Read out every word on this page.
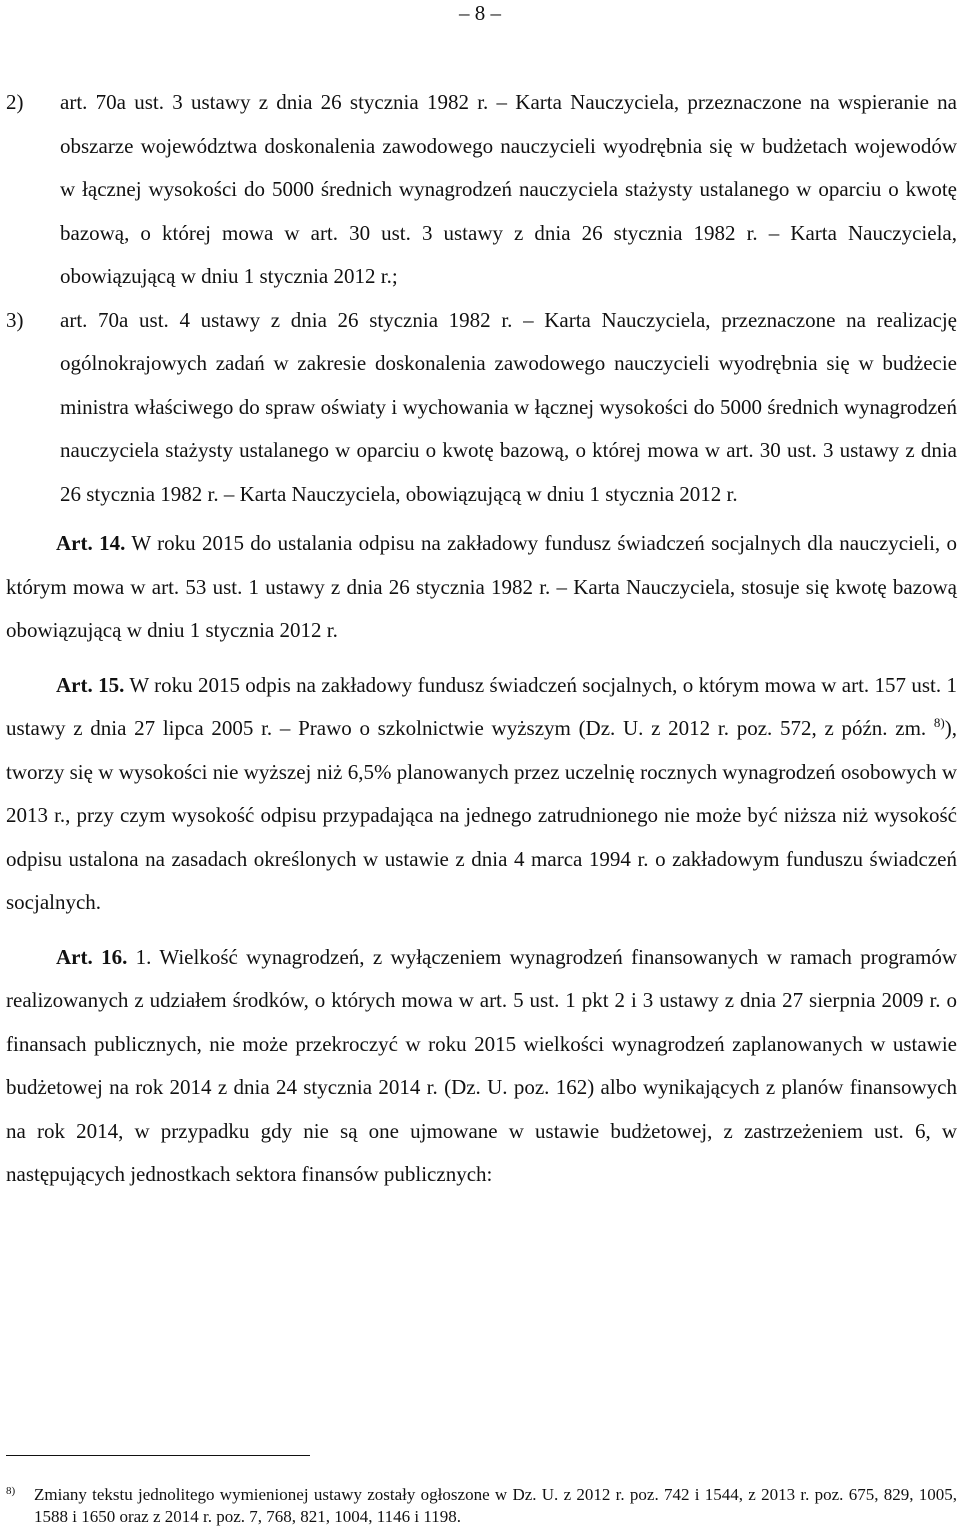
– 8 –
2)	art. 70a ust. 3 ustawy z dnia 26 stycznia 1982 r. – Karta Nauczyciela, przeznaczone na wspieranie na obszarze województwa doskonalenia zawodowego nauczycieli wyodrębnia się w budżetach wojewodów w łącznej wysokości do 5000 średnich wynagrodzeń nauczyciela stażysty ustalanego w oparciu o kwotę bazową, o której mowa w art. 30 ust. 3 ustawy z dnia 26 stycznia 1982 r. – Karta Nauczyciela, obowiązującą w dniu 1 stycznia 2012 r.;
3)	art. 70a ust. 4 ustawy z dnia 26 stycznia 1982 r. – Karta Nauczyciela, przeznaczone na realizację ogólnokrajowych zadań w zakresie doskonalenia zawodowego nauczycieli wyodrębnia się w budżecie ministra właściwego do spraw oświaty i wychowania w łącznej wysokości do 5000 średnich wynagrodzeń nauczyciela stażysty ustalanego w oparciu o kwotę bazową, o której mowa w art. 30 ust. 3 ustawy z dnia 26 stycznia 1982 r. – Karta Nauczyciela, obowiązującą w dniu 1 stycznia 2012 r.

Art. 14. W roku 2015 do ustalania odpisu na zakładowy fundusz świadczeń socjalnych dla nauczycieli, o którym mowa w art. 53 ust. 1 ustawy z dnia 26 stycznia 1982 r. – Karta Nauczyciela, stosuje się kwotę bazową obowiązującą w dniu 1 stycznia 2012 r.

Art. 15. W roku 2015 odpis na zakładowy fundusz świadczeń socjalnych, o którym mowa w art. 157 ust. 1 ustawy z dnia 27 lipca 2005 r. – Prawo o szkolnictwie wyższym (Dz. U. z 2012 r. poz. 572, z późn. zm. $^{8)}$), tworzy się w wysokości nie wyższej niż 6,5% planowanych przez uczelnię rocznych wynagrodzeń osobowych w 2013 r., przy czym wysokość odpisu przypadająca na jednego zatrudnionego nie może być niższa niż wysokość odpisu ustalona na zasadach określonych w ustawie z dnia 4 marca 1994 r. o zakładowym funduszu świadczeń socjalnych.

Art. 16. 1. Wielkość wynagrodzeń, z wyłączeniem wynagrodzeń finansowanych w ramach programów realizowanych z udziałem środków, o których mowa w art. 5 ust. 1 pkt 2 i 3 ustawy z dnia 27 sierpnia 2009 r. o finansach publicznych, nie może przekroczyć w roku 2015 wielkości wynagrodzeń zaplanowanych w ustawie budżetowej na rok 2014 z dnia 24 stycznia 2014 r. (Dz. U. poz. 162) albo wynikających z planów finansowych na rok 2014, w przypadku gdy nie są one ujmowane w ustawie budżetowej, z zastrzeżeniem ust. 6, w następujących jednostkach sektora finansów publicznych:

8)	Zmiany tekstu jednolitego wymienionej ustawy zostały ogłoszone w Dz. U. z 2012 r. poz. 742 i 1544, z 2013 r. poz. 675, 829, 1005, 1588 i 1650 oraz z 2014 r. poz. 7, 768, 821, 1004, 1146 i 1198.
